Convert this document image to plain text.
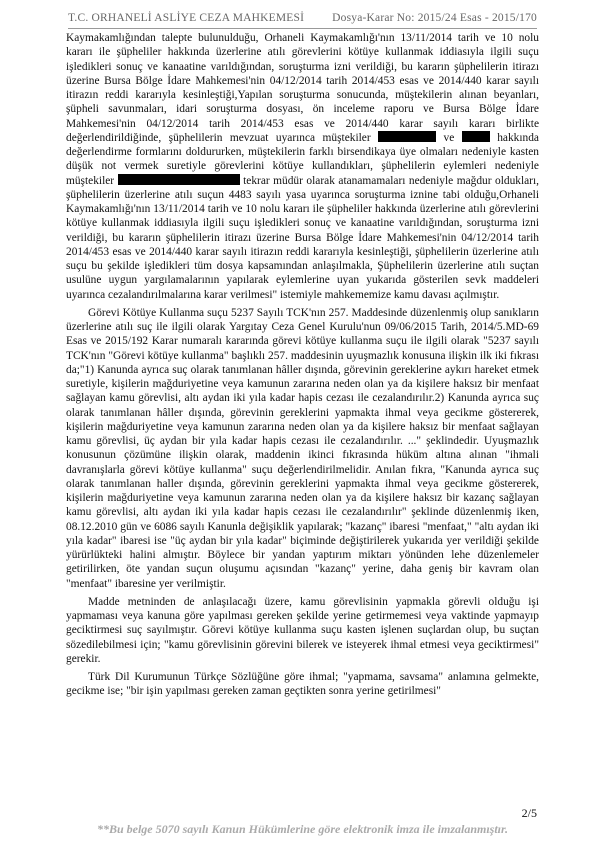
T.C. ORHANELİ ASLİYE CEZA MAHKEMESİ Dosya-Karar No: 2015/24 Esas - 2015/170

Kaymakamlığından talepte bulunulduğu, Orhaneli Kaymakamlığı'nın 13/11/2014 tarih ve 10 nolu kararı ile şüpheliler hakkında üzerlerine atılı görevlerini kötüye kullanmak iddiasıyla ilgili suçu işledikleri sonuç ve kanaatine varıldığından, soruşturma izni verildiği, bu kararın şüphelilerin itirazı üzerine Bursa Bölge İdare Mahkemesi'nin 04/12/2014 tarih 2014/453 esas ve 2014/440 karar sayılı itirazın reddi kararıyla kesinleştiği,Yapılan soruşturma sonucunda, müştekilerin alınan beyanları, şüpheli savunmaları, idari soruşturma dosyası, ön inceleme raporu ve Bursa Bölge İdare Mahkemesi'nin 04/12/2014 tarih 2014/453 esas ve 2014/440 karar sayılı kararı birlikte değerlendirildiğinde, şüphelilerin mevzuat uyarınca müştekiler	ve	hakkında değerlendirme formlarını doldururken, müştekilerin farklı birsendikaya üye olmaları nedeniyle kasten düşük not vermek suretiyle görevlerini kötüye kullandıkları, şüphelilerin eylemleri nedeniyle müştekiler	tekrar müdür olarak atanamamaları nedeniyle mağdur oldukları, şüphelilerin üzerlerine atılı suçun 4483 sayılı yasa uyarınca soruşturma iznine tabi olduğu,Orhaneli Kaymakamlığı'nın 13/11/2014 tarih ve 10 nolu kararı ile şüpheliler hakkında üzerlerine atılı görevlerini kötüye kullanmak iddiasıyla ilgili suçu işledikleri sonuç ve kanaatine varıldığından, soruşturma izni verildiği, bu kararın şüphelilerin itirazı üzerine Bursa Bölge İdare Mahkemesi'nin 04/12/2014 tarih 2014/453 esas ve 2014/440 karar sayılı itirazın reddi kararıyla kesinleştiği, şüphelilerin üzerlerine atılı suçu bu şekilde işledikleri tüm dosya kapsamından anlaşılmakla, Şüphelilerin üzerlerine atılı suçtan usulüne uygun yargılamalarının yapılarak eylemlerine uyan yukarıda gösterilen sevk maddeleri uyarınca cezalandırılmalarına karar verilmesi" istemiyle mahkememize kamu davası açılmıştır.

Görevi Kötüye Kullanma suçu 5237 Sayılı TCK'nın 257. Maddesinde düzenlenmiş olup sanıkların üzerlerine atılı suç ile ilgili olarak Yargıtay Ceza Genel Kurulu'nun 09/06/2015 Tarih, 2014/5.MD-69 Esas ve 2015/192 Karar numaralı kararında görevi kötüye kullanma suçu ile ilgili olarak "5237 sayılı TCK'nın "Görevi kötüye kullanma" başlıklı 257. maddesinin uyuşmazlık konusuna ilişkin ilk iki fıkrası da;"1) Kanunda ayrıca suç olarak tanımlanan hâller dışında, görevinin gereklerine aykırı hareket etmek suretiyle, kişilerin mağduriyetine veya kamunun zararına neden olan ya da kişilere haksız bir menfaat sağlayan kamu görevlisi, altı aydan iki yıla kadar hapis cezası ile cezalandırılır.2) Kanunda ayrıca suç olarak tanımlanan hâller dışında, görevinin gereklerini yapmakta ihmal veya gecikme göstererek, kişilerin mağduriyetine veya kamunun zararına neden olan ya da kişilere haksız bir menfaat sağlayan kamu görevlisi, üç aydan bir yıla kadar hapis cezası ile cezalandırılır. ..." şeklindedir. Uyuşmazlık konusunun çözümüne ilişkin olarak, maddenin ikinci fıkrasında hüküm altına alınan "ihmali davranışlarla görevi kötüye kullanma" suçu değerlendirilmelidir. Anılan fıkra, "Kanunda ayrıca suç olarak tanımlanan haller dışında, görevinin gereklerini yapmakta ihmal veya gecikme göstererek, kişilerin mağduriyetine veya kamunun zararına neden olan ya da kişilere haksız bir kazanç sağlayan kamu görevlisi, altı aydan iki yıla kadar hapis cezası ile cezalandırılır" şeklinde düzenlenmiş iken, 08.12.2010 gün ve 6086 sayılı Kanunla değişiklik yapılarak; "kazanç" ibaresi "menfaat," "altı aydan iki yıla kadar" ibaresi ise "üç aydan bir yıla kadar" biçiminde değiştirilerek yukarıda yer verildiği şekilde yürürlükteki halini almıştır. Böylece bir yandan yaptırım miktarı yönünden lehe düzenlemeler getirilirken, öte yandan suçun oluşumu açısından "kazanç" yerine, daha geniş bir kavram olan "menfaat" ibaresine yer verilmiştir.

Madde metninden de anlaşılacağı üzere, kamu görevlisinin yapmakla görevli olduğu işi yapmaması veya kanuna göre yapılması gereken şekilde yerine getirmemesi veya vaktinde yapmayıp geciktirmesi suç sayılmıştır. Görevi kötüye kullanma suçu kasten işlenen suçlardan olup, bu suçtan sözedilebilmesi için; "kamu görevlisinin görevini bilerek ve isteyerek ihmal etmesi veya geciktirmesi" gerekir.

Türk Dil Kurumunun Türkçe Sözlüğüne göre ihmal; "yapmama, savsama" anlamına gelmekte, gecikme ise; "bir işin yapılması gereken zaman geçtikten sonra yerine getirilmesi"

2/5
**Bu belge 5070 sayılı Kanun Hükümlerine göre elektronik imza ile imzalanmıştır.
